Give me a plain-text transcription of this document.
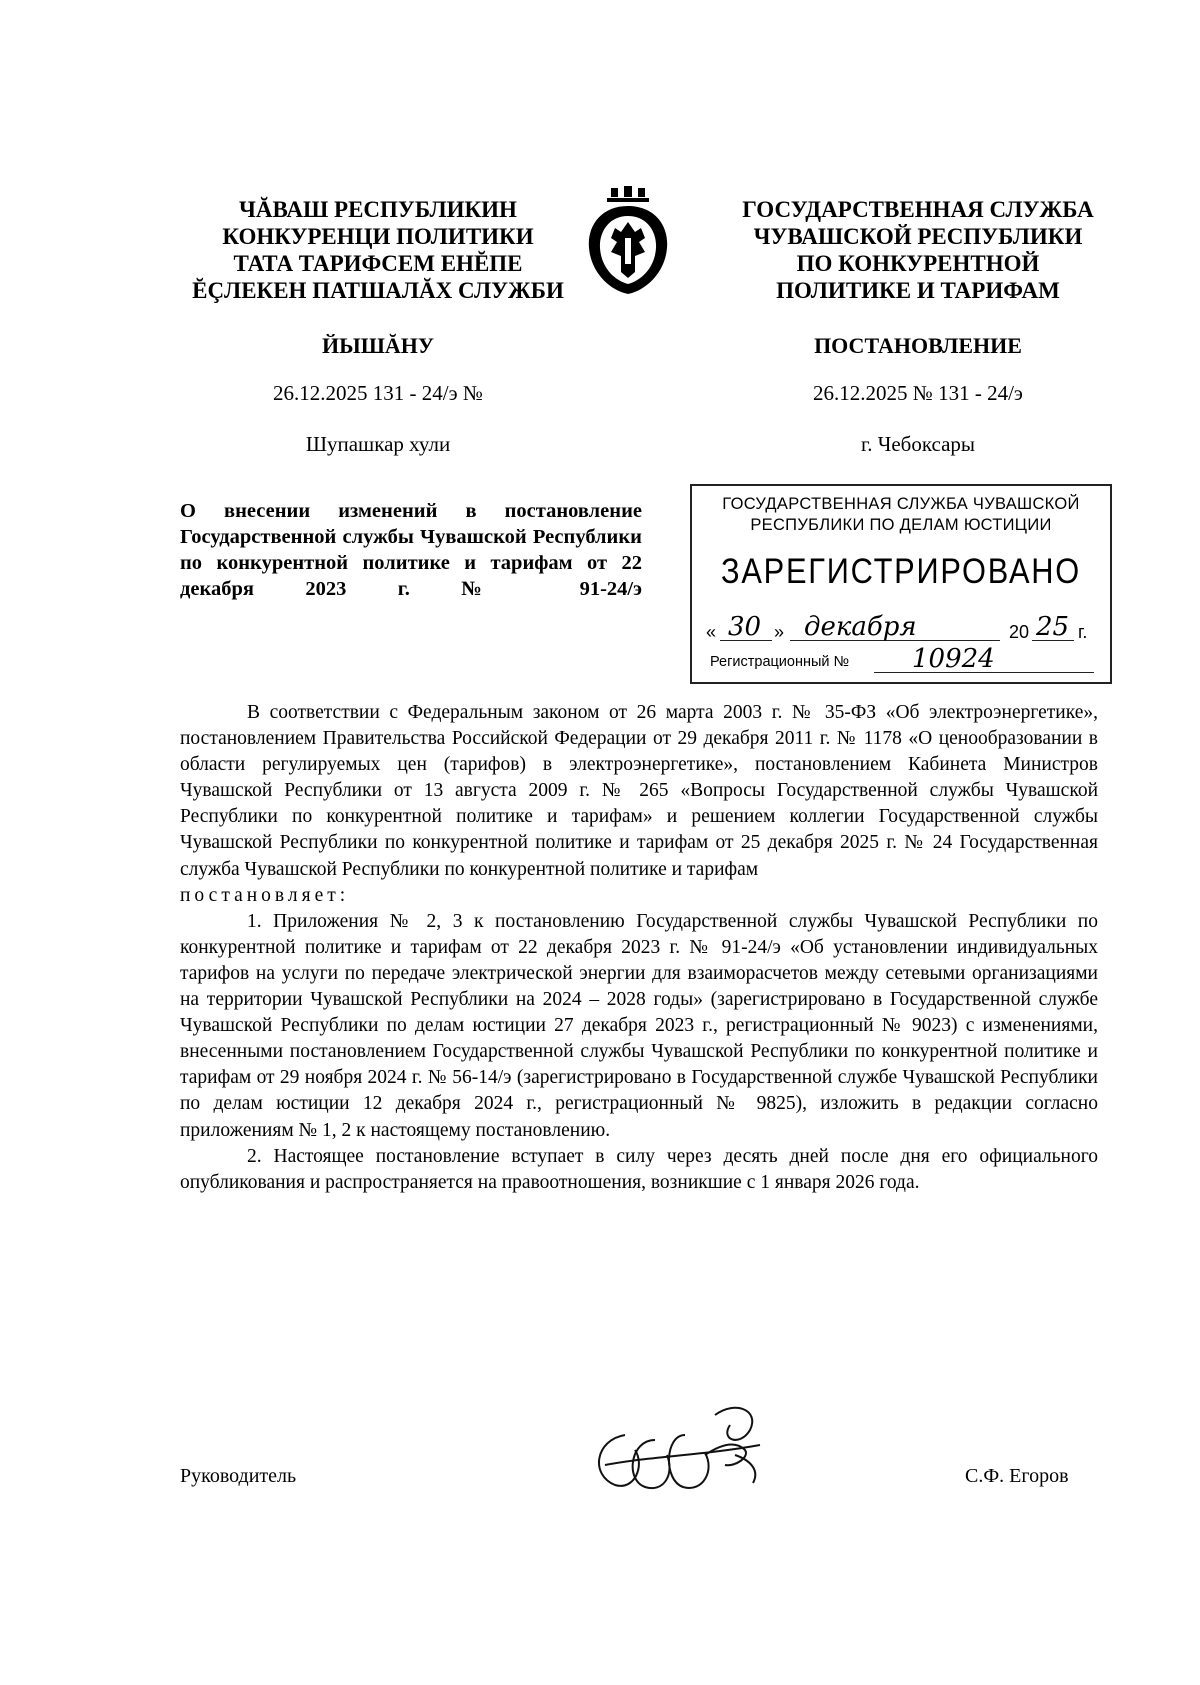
ЧĂВАШ РЕСПУБЛИКИН
КОНКУРЕНЦИ ПОЛИТИКИ
ТАТА ТАРИФСЕМ ЕНĔПЕ
ĔÇЛЕКЕН ПАТШАЛĂХ СЛУЖБИ
ГОСУДАРСТВЕННАЯ СЛУЖБА
ЧУВАШСКОЙ РЕСПУБЛИКИ
ПО КОНКУРЕНТНОЙ
ПОЛИТИКЕ И ТАРИФАМ
ЙЫШĂНУ	ПОСТАНОВЛЕНИЕ
26.12.2025 131 - 24/э №	26.12.2025 № 131 - 24/э
Шупашкар хули	г. Чебоксары
О внесении изменений в постановление Государственной службы Чувашской Республики по конкурентной политике и тарифам от 22 декабря 2023 г. № 91-24/э
ГОСУДАРСТВЕННАЯ СЛУЖБА ЧУВАШСКОЙ
РЕСПУБЛИКИ ПО ДЕЛАМ ЮСТИЦИИ
ЗАРЕГИСТРИРОВАНО
« 30 » декабря	20 25 г.
Регистрационный № 10924

В соответствии с Федеральным законом от 26 марта 2003 г. № 35-ФЗ «Об электроэнергетике», постановлением Правительства Российской Федерации от 29 декабря 2011 г. № 1178 «О ценообразовании в области регулируемых цен (тарифов) в электроэнергетике», постановлением Кабинета Министров Чувашской Республики от 13 августа 2009 г. № 265 «Вопросы Государственной службы Чувашской Республики по конкурентной политике и тарифам» и решением коллегии Государственной службы Чувашской Республики по конкурентной политике и тарифам от 25 декабря 2025 г. № 24 Государственная служба Чувашской Республики по конкурентной политике и тарифам

постановляет:

1. Приложения № 2, 3 к постановлению Государственной службы Чувашской Республики по конкурентной политике и тарифам от 22 декабря 2023 г. № 91-24/э «Об установлении индивидуальных тарифов на услуги по передаче электрической энергии для взаиморасчетов между сетевыми организациями на территории Чувашской Республики на 2024 – 2028 годы» (зарегистрировано в Государственной службе Чувашской Республики по делам юстиции 27 декабря 2023 г., регистрационный № 9023) с изменениями, внесенными постановлением Государственной службы Чувашской Республики по конкурентной политике и тарифам от 29 ноября 2024 г. № 56-14/э (зарегистрировано в Государственной службе Чувашской Республики по делам юстиции 12 декабря 2024 г., регистрационный № 9825), изложить в редакции согласно приложениям № 1, 2 к настоящему постановлению.

2. Настоящее постановление вступает в силу через десять дней после дня его официального опубликования и распространяется на правоотношения, возникшие с 1 января 2026 года.

Руководитель	С.Ф. Егоров
